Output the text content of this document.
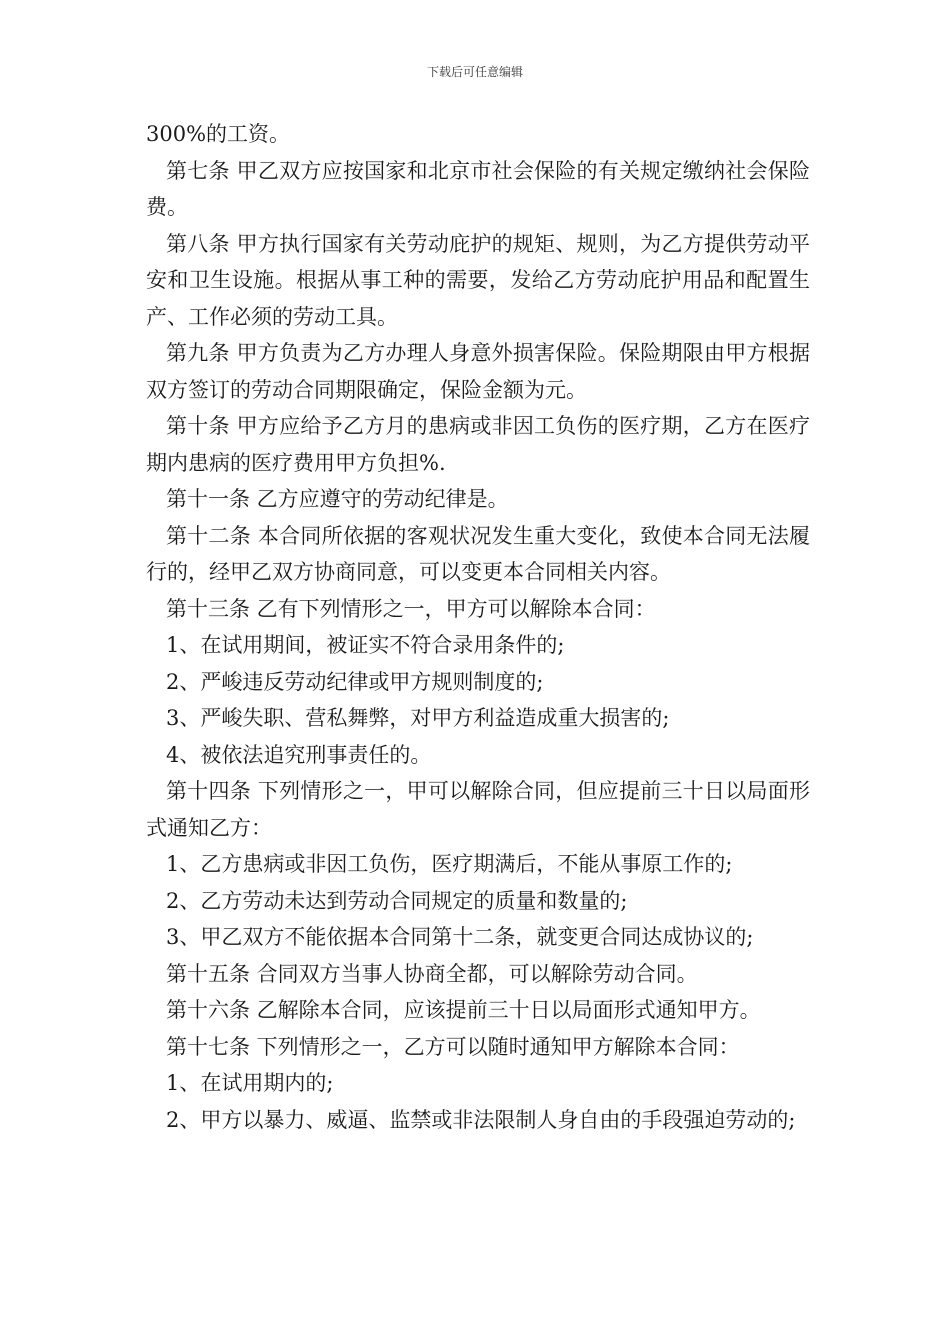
下载后可任意编辑

300%的工资。

第七条 甲乙双方应按国家和北京市社会保险的有关规定缴纳社会保险费。

第八条 甲方执行国家有关劳动庇护的规矩、规则，为乙方提供劳动平安和卫生设施。根据从事工种的需要，发给乙方劳动庇护用品和配置生产、工作必须的劳动工具。

第九条 甲方负责为乙方办理人身意外损害保险。保险期限由甲方根据双方签订的劳动合同期限确定，保险金额为元。

第十条 甲方应给予乙方月的患病或非因工负伤的医疗期，乙方在医疗期内患病的医疗费用甲方负担%.

第十一条 乙方应遵守的劳动纪律是。

第十二条 本合同所依据的客观状况发生重大变化，致使本合同无法履行的，经甲乙双方协商同意，可以变更本合同相关内容。

第十三条 乙有下列情形之一，甲方可以解除本合同：

1、在试用期间，被证实不符合录用条件的;

2、严峻违反劳动纪律或甲方规则制度的;

3、严峻失职、营私舞弊，对甲方利益造成重大损害的;

4、被依法追究刑事责任的。

第十四条 下列情形之一，甲可以解除合同，但应提前三十日以局面形式通知乙方：

1、乙方患病或非因工负伤，医疗期满后，不能从事原工作的;

2、乙方劳动未达到劳动合同规定的质量和数量的;

3、甲乙双方不能依据本合同第十二条，就变更合同达成协议的;

第十五条 合同双方当事人协商全都，可以解除劳动合同。

第十六条 乙解除本合同，应该提前三十日以局面形式通知甲方。

第十七条 下列情形之一，乙方可以随时通知甲方解除本合同：

1、在试用期内的;

2、甲方以暴力、威逼、监禁或非法限制人身自由的手段强迫劳动的;
